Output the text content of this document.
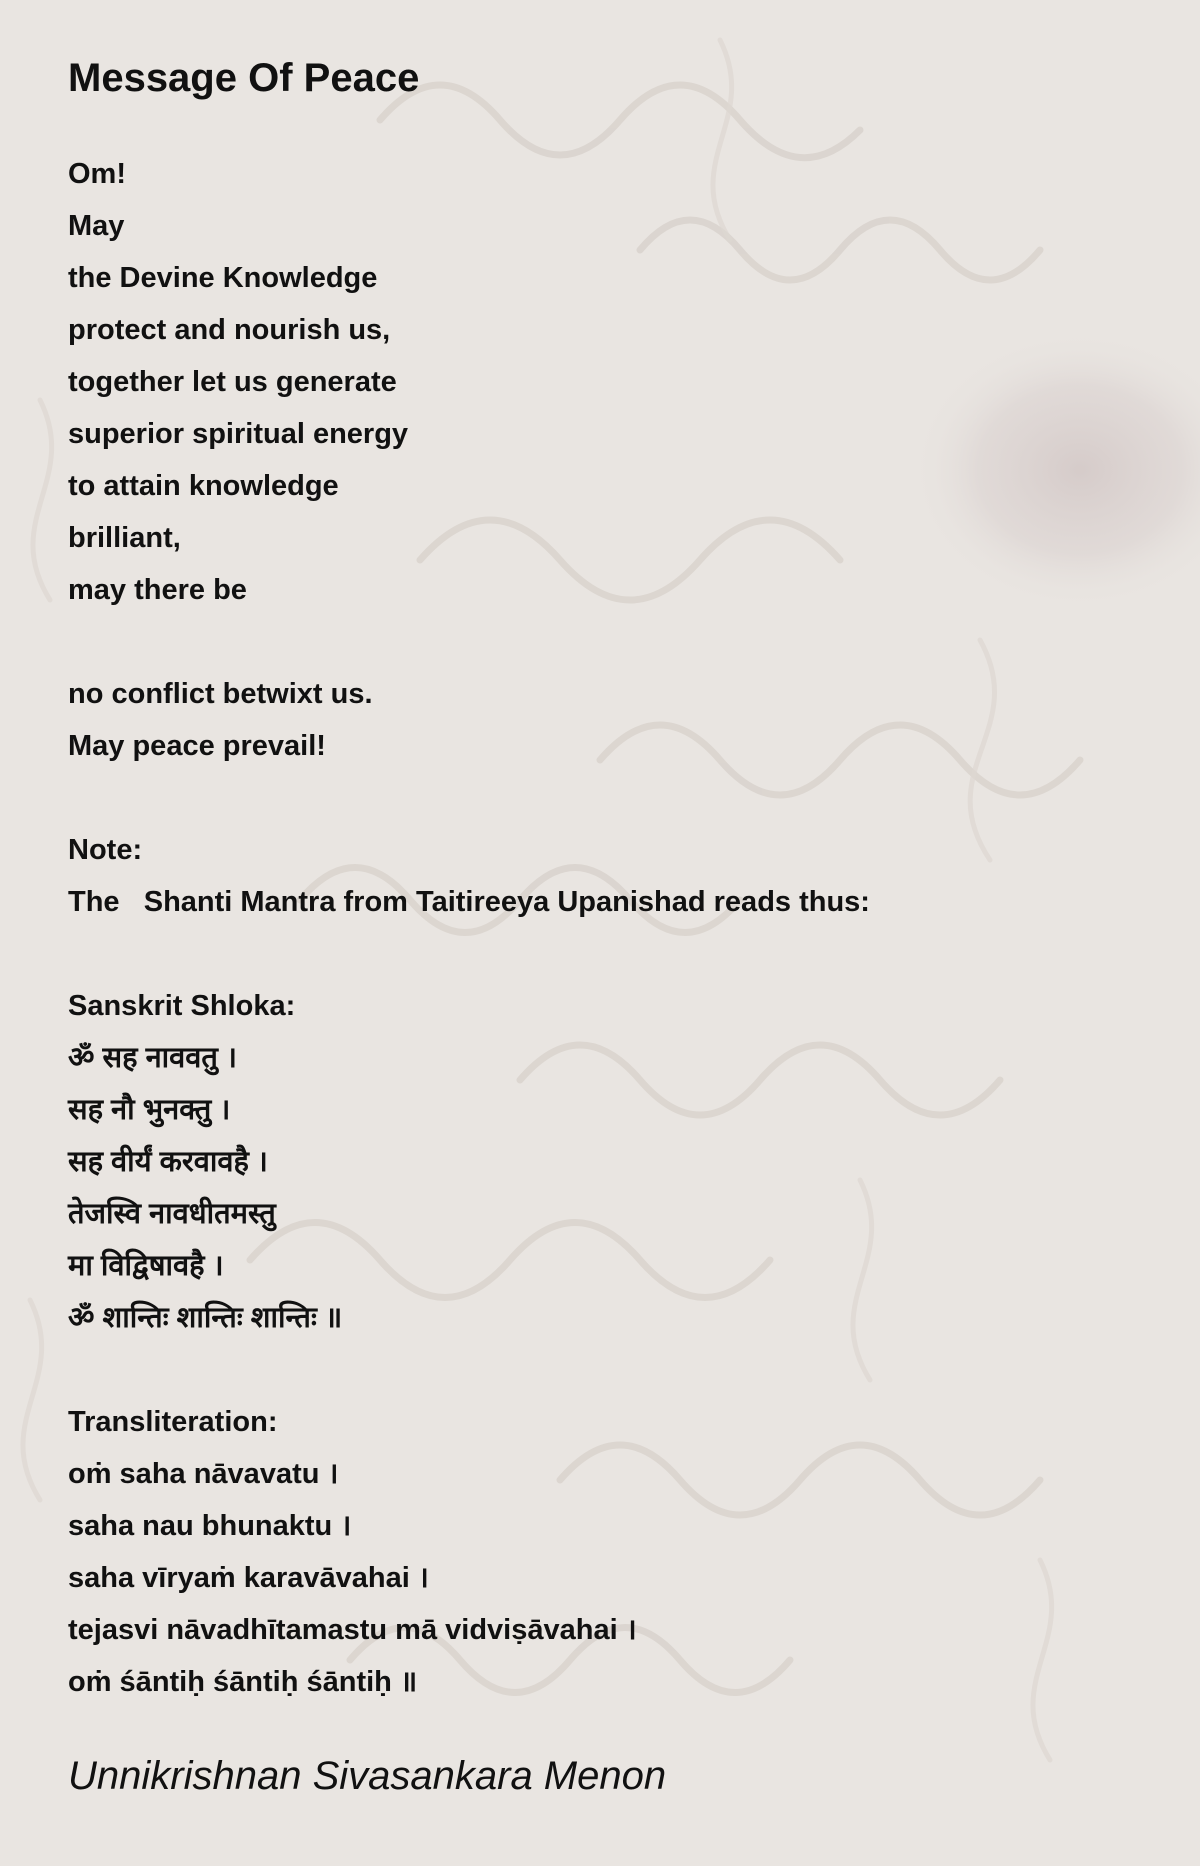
Message Of Peace
Om!
May
the Devine Knowledge
protect and nourish us,
together let us generate
superior spiritual energy
to attain knowledge
brilliant,
may there be
no conflict betwixt us.
May peace prevail!
Note:
The   Shanti Mantra from Taitireeya Upanishad reads thus:
Sanskrit Shloka:
ॐ सह नाववतु ।
सह नौ भुनक्तु ।
सह वीर्यं करवावहै ।
तेजस्वि नावधीतमस्तु
मा विद्विषावहै ।
ॐ शान्तिः शान्तिः शान्तिः ॥
Transliteration:
oṁ saha nāvavatu ।
saha nau bhunaktu ।
saha vīryaṁ karavāvahai ।
tejasvi nāvadhītamastu mā vidviṣāvahai ।
oṁ śāntiḥ śāntiḥ śāntiḥ ॥
Unnikrishnan Sivasankara Menon
